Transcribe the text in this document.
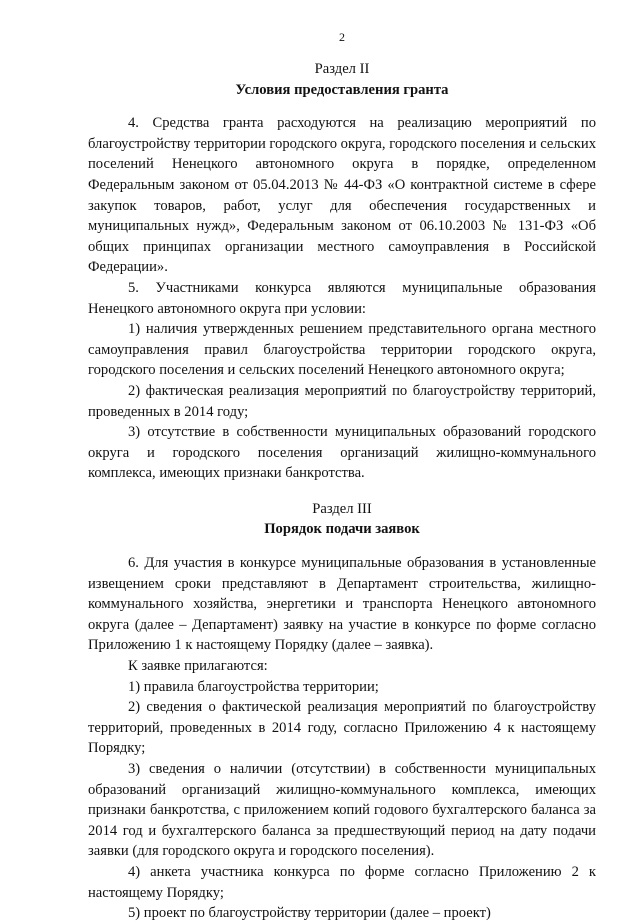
2

Раздел II

Условия предоставления гранта

4. Средства гранта расходуются на реализацию мероприятий по благоустройству территории городского округа, городского поселения и сельских поселений Ненецкого автономного округа в порядке, определенном Федеральным законом от 05.04.2013 № 44-ФЗ «О контрактной системе в сфере закупок товаров, работ, услуг для обеспечения государственных и муниципальных нужд», Федеральным законом от 06.10.2003 № 131-ФЗ «Об общих принципах организации местного самоуправления в Российской Федерации».

5. Участниками конкурса являются муниципальные образования Ненецкого автономного округа при условии:

1) наличия утвержденных решением представительного органа местного самоуправления правил благоустройства территории городского округа, городского поселения и сельских поселений Ненецкого автономного округа;

2) фактическая реализация мероприятий по благоустройству территорий, проведенных в 2014 году;

3) отсутствие в собственности муниципальных образований городского округа и городского поселения организаций жилищно-коммунального комплекса, имеющих признаки банкротства.

Раздел III

Порядок подачи заявок

6. Для участия в конкурсе муниципальные образования в установленные извещением сроки представляют в Департамент строительства, жилищно-коммунального хозяйства, энергетики и транспорта Ненецкого автономного округа (далее – Департамент) заявку на участие в конкурсе по форме согласно Приложению 1 к настоящему Порядку (далее – заявка).

К заявке прилагаются:

1) правила благоустройства территории;

2) сведения о фактической реализация мероприятий по благоустройству территорий, проведенных в 2014 году, согласно Приложению 4 к настоящему Порядку;

3) сведения о наличии (отсутствии) в собственности муниципальных образований организаций жилищно-коммунального комплекса, имеющих признаки банкротства, с приложением копий годового бухгалтерского баланса за 2014 год и бухгалтерского баланса за предшествующий период на дату подачи заявки (для городского округа и городского поселения).

4) анкета участника конкурса по форме согласно Приложению 2 к настоящему Порядку;

5) проект по благоустройству территории (далее – проект)
